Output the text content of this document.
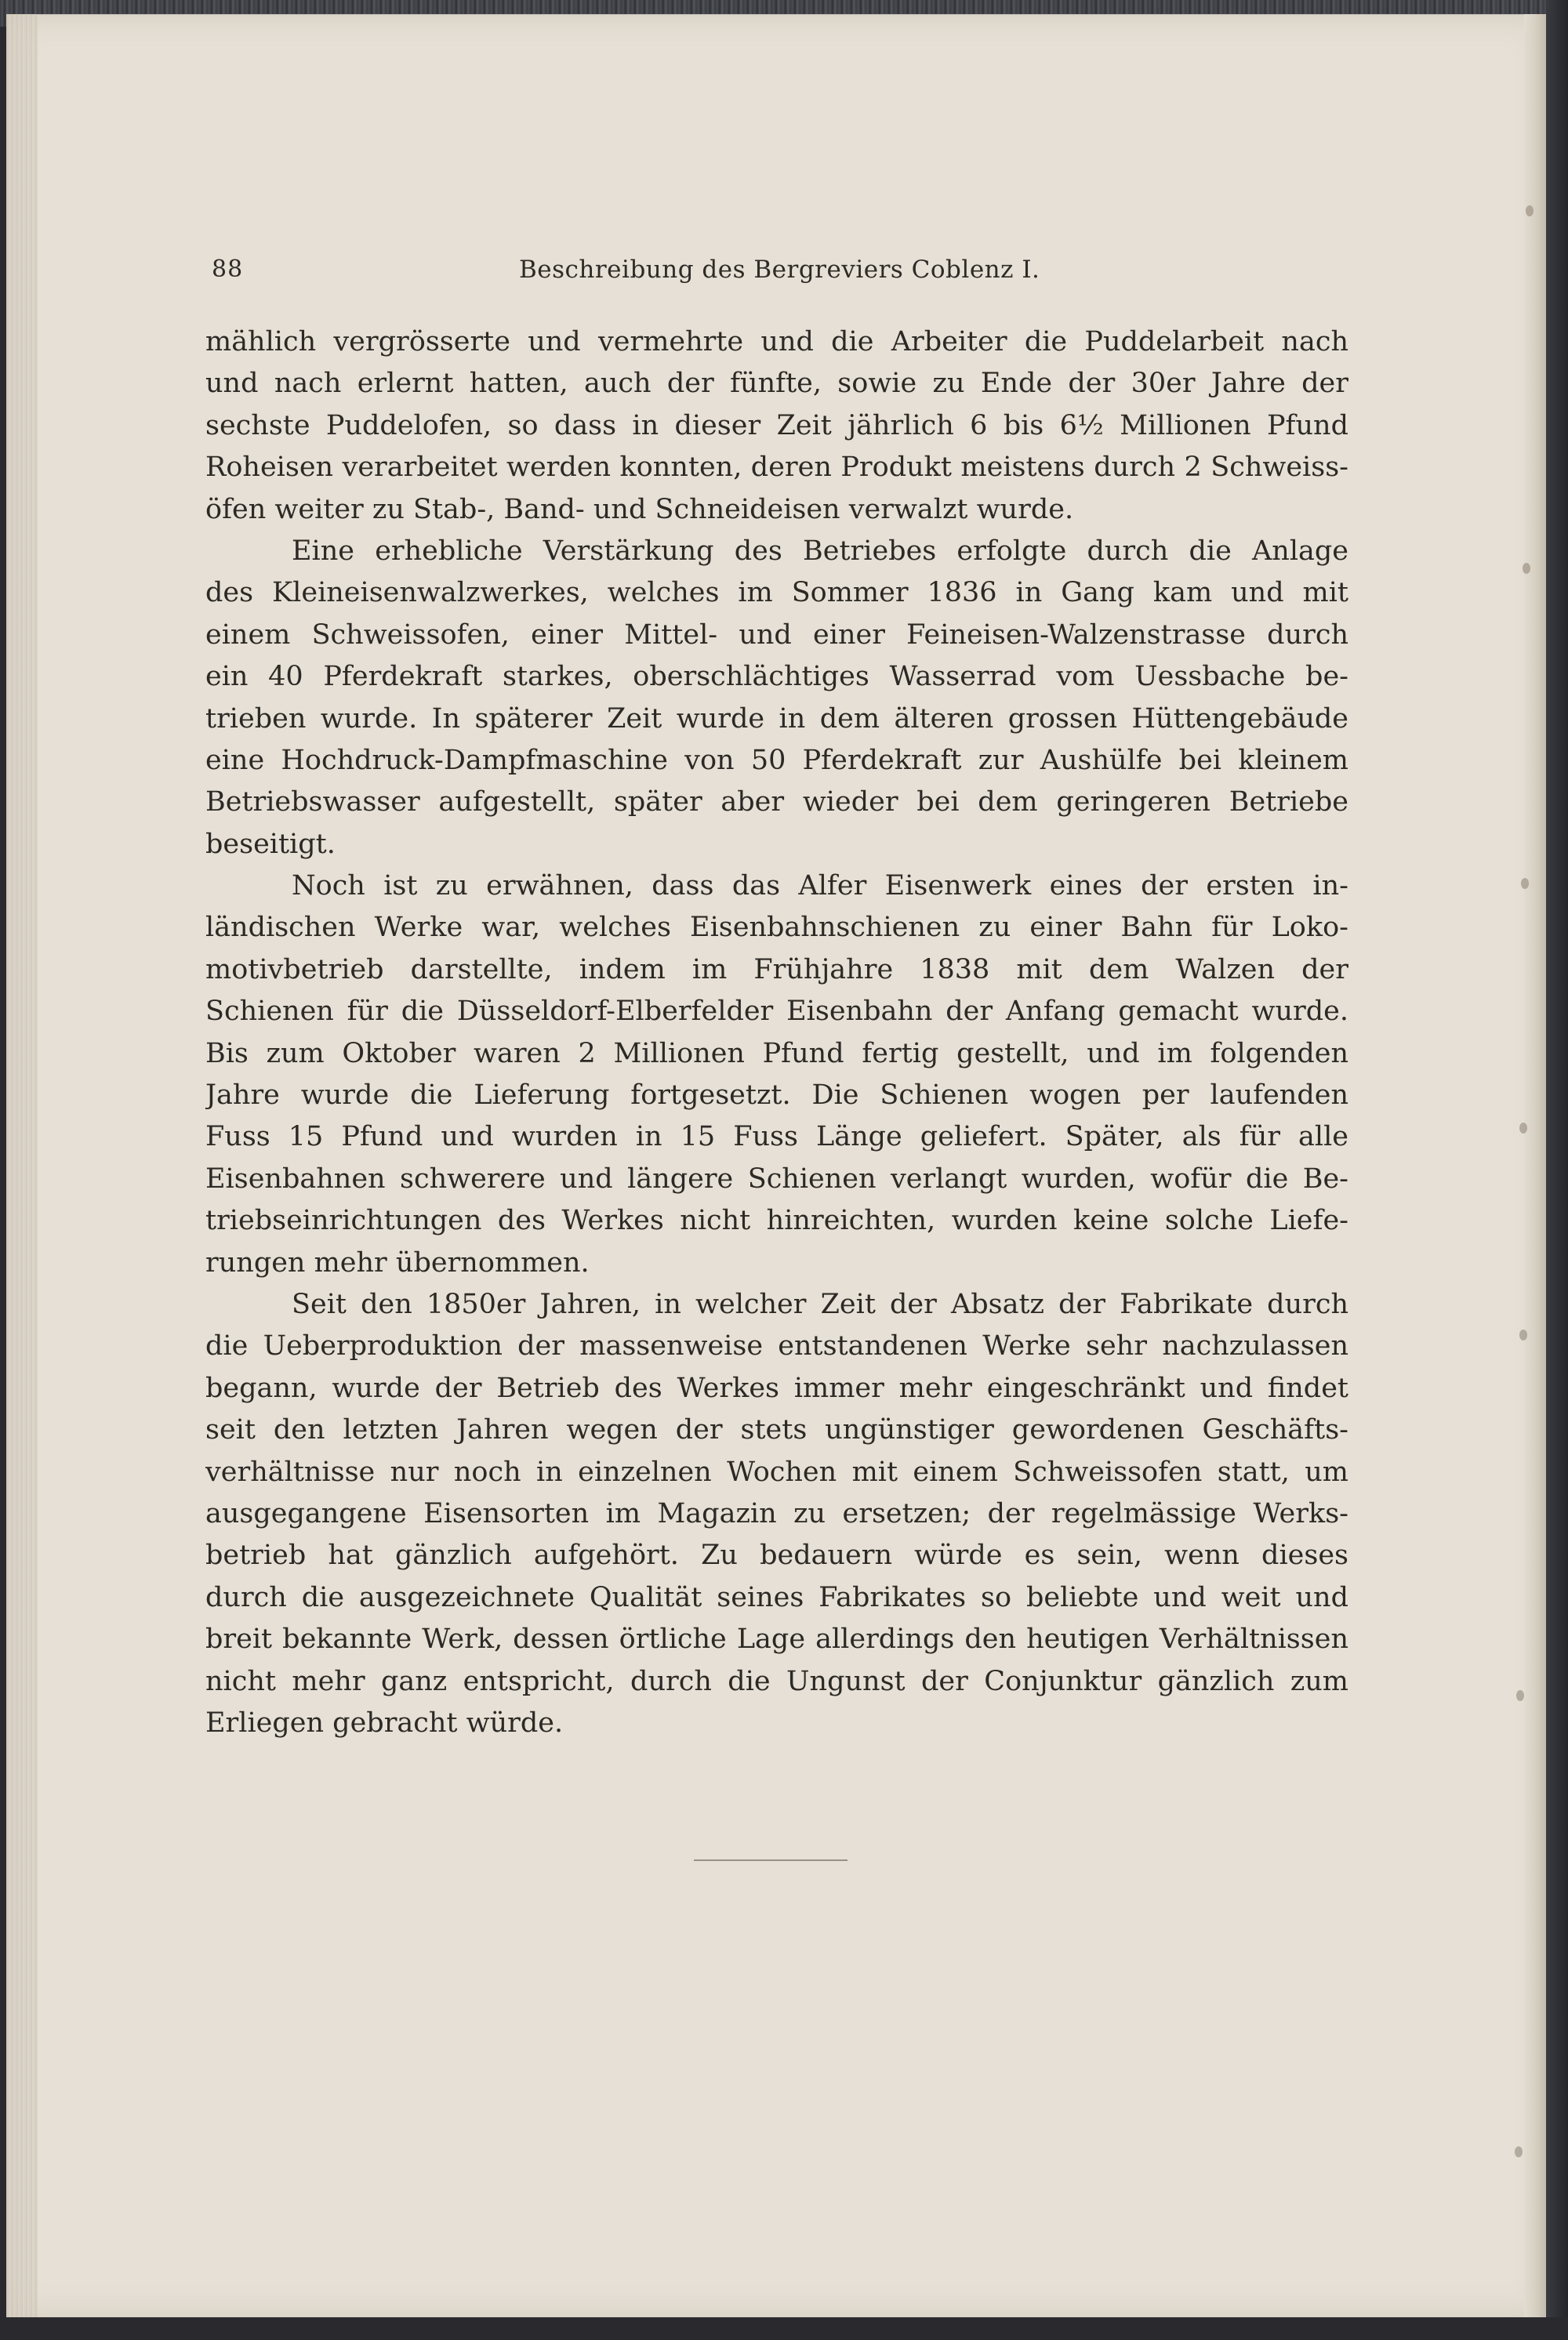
88	Beschreibung des Bergreviers Coblenz I.
mählich vergrösserte und vermehrte und die Arbeiter die Puddelarbeit nach
und nach erlernt hatten, auch der fünfte, sowie zu Ende der 30er Jahre der
sechste Puddelofen, so dass in dieser Zeit jährlich 6 bis 6½ Millionen Pfund
Roheisen verarbeitet werden konnten, deren Produkt meistens durch 2 Schweiss-
öfen weiter zu Stab-, Band- und Schneideisen verwalzt wurde.
Eine erhebliche Verstärkung des Betriebes erfolgte durch die Anlage
des Kleineisenwalzwerkes, welches im Sommer 1836 in Gang kam und mit
einem Schweissofen, einer Mittel- und einer Feineisen-Walzenstrasse durch
ein 40 Pferdekraft starkes, oberschlächtiges Wasserrad vom Uessbache be-
trieben wurde. In späterer Zeit wurde in dem älteren grossen Hüttengebäude
eine Hochdruck-Dampfmaschine von 50 Pferdekraft zur Aushülfe bei kleinem
Betriebswasser aufgestellt, später aber wieder bei dem geringeren Betriebe
beseitigt.
Noch ist zu erwähnen, dass das Alfer Eisenwerk eines der ersten in-
ländischen Werke war, welches Eisenbahnschienen zu einer Bahn für Loko-
motivbetrieb darstellte, indem im Frühjahre 1838 mit dem Walzen der
Schienen für die Düsseldorf-Elberfelder Eisenbahn der Anfang gemacht wurde.
Bis zum Oktober waren 2 Millionen Pfund fertig gestellt, und im folgenden
Jahre wurde die Lieferung fortgesetzt. Die Schienen wogen per laufenden
Fuss 15 Pfund und wurden in 15 Fuss Länge geliefert. Später, als für alle
Eisenbahnen schwerere und längere Schienen verlangt wurden, wofür die Be-
triebseinrichtungen des Werkes nicht hinreichten, wurden keine solche Liefe-
rungen mehr übernommen.
Seit den 1850er Jahren, in welcher Zeit der Absatz der Fabrikate durch
die Ueberproduktion der massenweise entstandenen Werke sehr nachzulassen
begann, wurde der Betrieb des Werkes immer mehr eingeschränkt und findet
seit den letzten Jahren wegen der stets ungünstiger gewordenen Geschäfts-
verhältnisse nur noch in einzelnen Wochen mit einem Schweissofen statt, um
ausgegangene Eisensorten im Magazin zu ersetzen; der regelmässige Werks-
betrieb hat gänzlich aufgehört. Zu bedauern würde es sein, wenn dieses
durch die ausgezeichnete Qualität seines Fabrikates so beliebte und weit und
breit bekannte Werk, dessen örtliche Lage allerdings den heutigen Verhältnissen
nicht mehr ganz entspricht, durch die Ungunst der Conjunktur gänzlich zum
Erliegen gebracht würde.
